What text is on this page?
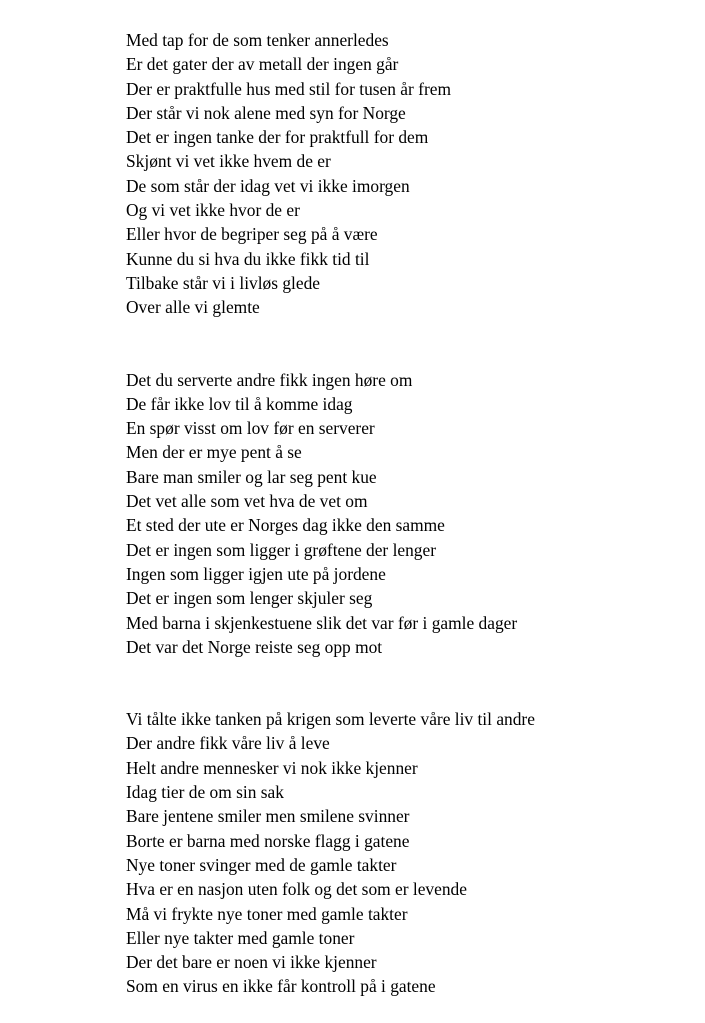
Med tap for de som tenker annerledes
Er det gater der av metall der ingen går
Der er praktfulle hus med stil for tusen år frem
Der står vi nok alene med syn for Norge
Det er ingen tanke der for praktfull for dem
Skjønt vi vet ikke hvem de er
De som står der idag vet vi ikke imorgen
Og vi vet ikke hvor de er
Eller hvor de begriper seg på å være
Kunne du si hva du ikke fikk tid til
Tilbake står vi i livløs glede
Over alle vi glemte
Det du serverte andre fikk ingen høre om
De får ikke lov til å komme idag
En spør visst om lov før en serverer
Men der er mye pent å se
Bare man smiler og lar seg pent kue
Det vet alle som vet hva de vet om
Et sted der ute er Norges dag ikke den samme
Det er ingen som ligger i grøftene der lenger
Ingen som ligger igjen ute på jordene
Det er ingen som lenger skjuler seg
Med barna i skjenkestuene slik det var før i gamle dager
Det var det Norge reiste seg opp mot
Vi tålte ikke tanken på krigen som leverte våre liv til andre
Der andre fikk våre liv å leve
Helt andre mennesker vi nok ikke kjenner
Idag tier de om sin sak
Bare jentene smiler men smilene svinner
Borte er barna med norske flagg i gatene
Nye toner svinger med de gamle takter
Hva er en nasjon uten folk og det som er levende
Må vi frykte nye toner med gamle takter
Eller nye takter med gamle toner
Der det bare er noen vi ikke kjenner
Som en virus en ikke får kontroll på i gatene
